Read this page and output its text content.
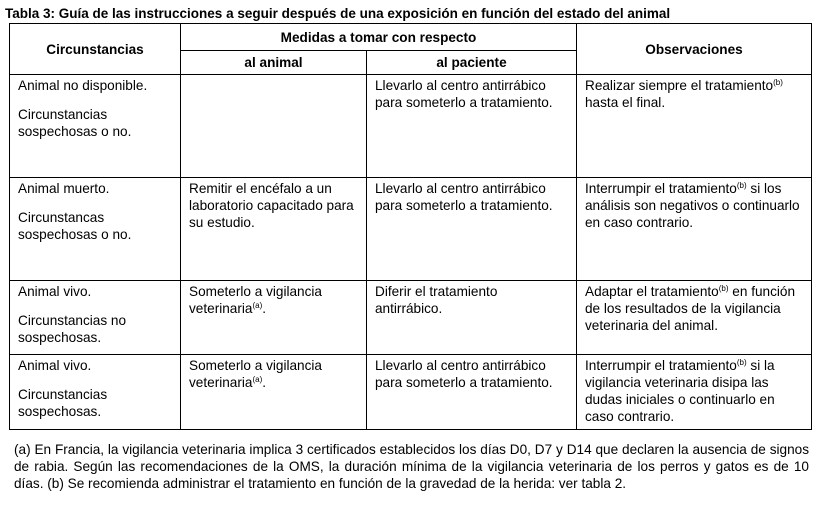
Tabla 3: Guía de las instrucciones a seguir después de una exposición en función del estado del animal
Circunstancias	Medidas a tomar con respecto		Observaciones
	al animal	al paciente	

Animal no disponible.
Circunstancias sospechosas o no.		Llevarlo al centro antirrábico para someterlo a tratamiento.	Realizar siempre el tratamiento$^{(b)}$ hasta el final.

Animal muerto.
Circunstancas sospechosas o no.	Remitir el encéfalo a un laboratorio capacitado para su estudio.	Llevarlo al centro antirrábico para someterlo a tratamiento.	Interrumpir el tratamiento$^{(b)}$ si los análisis son negativos o continuarlo en caso contrario.

Animal vivo.
Circunstancias no sospechosas.	Someterlo a vigilancia veterinaria$^{(a)}$.	Diferir el tratamiento antirrábico.	Adaptar el tratamiento$^{(b)}$ en función de los resultados de la vigilancia veterinaria del animal.

Animal vivo.
Circunstancias sospechosas.	Someterlo a vigilancia veterinaria$^{(a)}$.	Llevarlo al centro antirrábico para someterlo a tratamiento.	Interrumpir el tratamiento$^{(b)}$ si la vigilancia veterinaria disipa las dudas iniciales o continuarlo en caso contrario.
(a) En Francia, la vigilancia veterinaria implica 3 certificados establecidos los días D0, D7 y D14 que declaren la ausencia de signos de rabia. Según las recomendaciones de la OMS, la duración mínima de la vigilancia veterinaria de los perros y gatos es de 10 días. (b) Se recomienda administrar el tratamiento en función de la gravedad de la herida: ver tabla 2.
